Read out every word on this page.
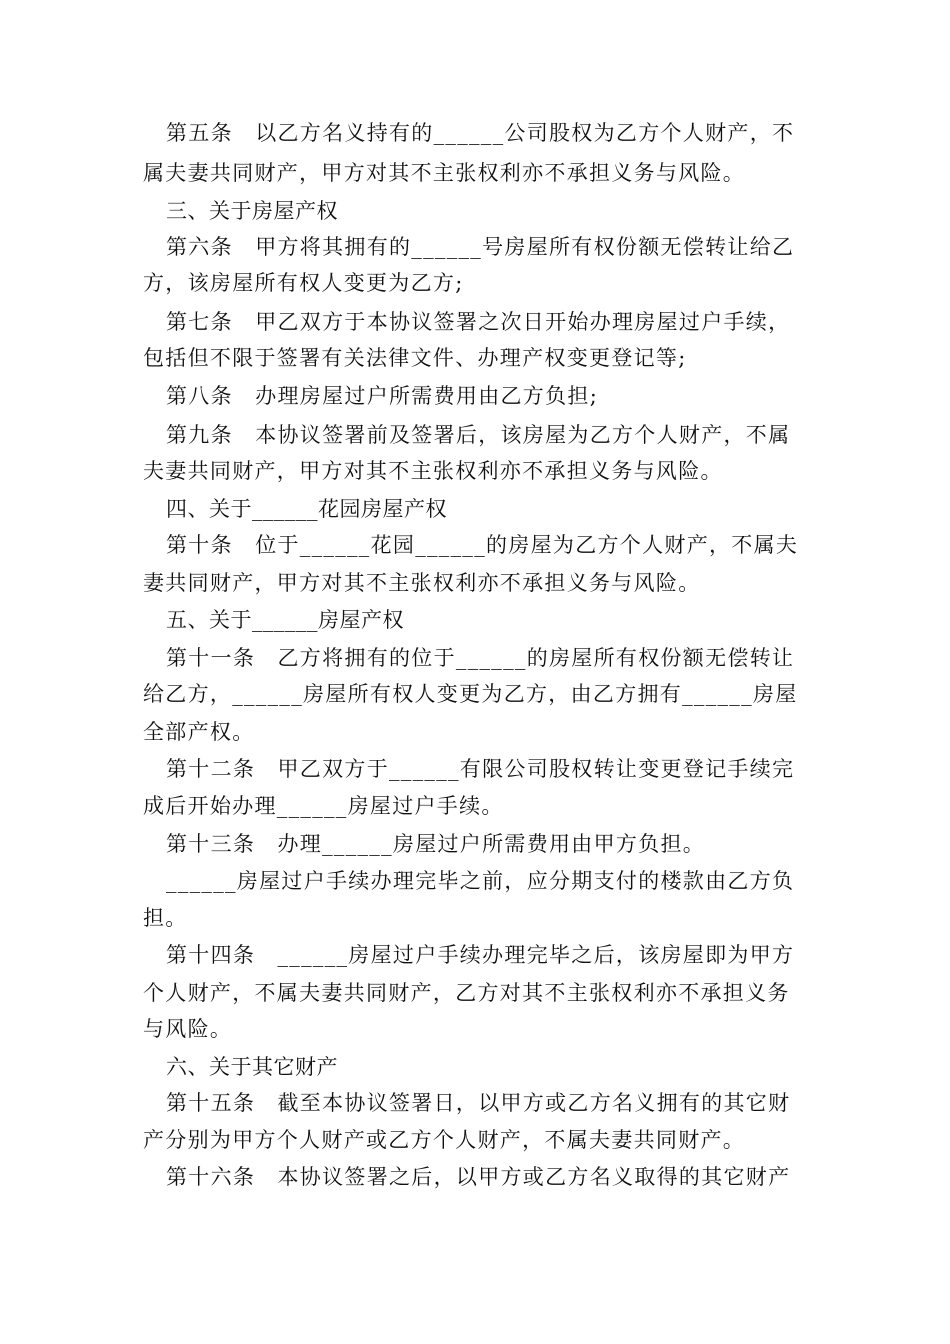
第五条　以乙方名义持有的______公司股权为乙方个人财产，不
属夫妻共同财产，甲方对其不主张权利亦不承担义务与风险。
三、关于房屋产权
第六条　甲方将其拥有的______号房屋所有权份额无偿转让给乙
方，该房屋所有权人变更为乙方;
第七条　甲乙双方于本协议签署之次日开始办理房屋过户手续，
包括但不限于签署有关法律文件、办理产权变更登记等;
第八条　办理房屋过户所需费用由乙方负担;
第九条　本协议签署前及签署后，该房屋为乙方个人财产，不属
夫妻共同财产，甲方对其不主张权利亦不承担义务与风险。
四、关于______花园房屋产权
第十条　位于______花园______的房屋为乙方个人财产，不属夫
妻共同财产，甲方对其不主张权利亦不承担义务与风险。
五、关于______房屋产权
第十一条　乙方将拥有的位于______的房屋所有权份额无偿转让
给乙方，______房屋所有权人变更为乙方，由乙方拥有______房屋
全部产权。
第十二条　甲乙双方于______有限公司股权转让变更登记手续完
成后开始办理______房屋过户手续。
第十三条　办理______房屋过户所需费用由甲方负担。
______房屋过户手续办理完毕之前，应分期支付的楼款由乙方负
担。
第十四条　______房屋过户手续办理完毕之后，该房屋即为甲方
个人财产，不属夫妻共同财产，乙方对其不主张权利亦不承担义务
与风险。
六、关于其它财产
第十五条　截至本协议签署日，以甲方或乙方名义拥有的其它财
产分别为甲方个人财产或乙方个人财产，不属夫妻共同财产。
第十六条　本协议签署之后，以甲方或乙方名义取得的其它财产
